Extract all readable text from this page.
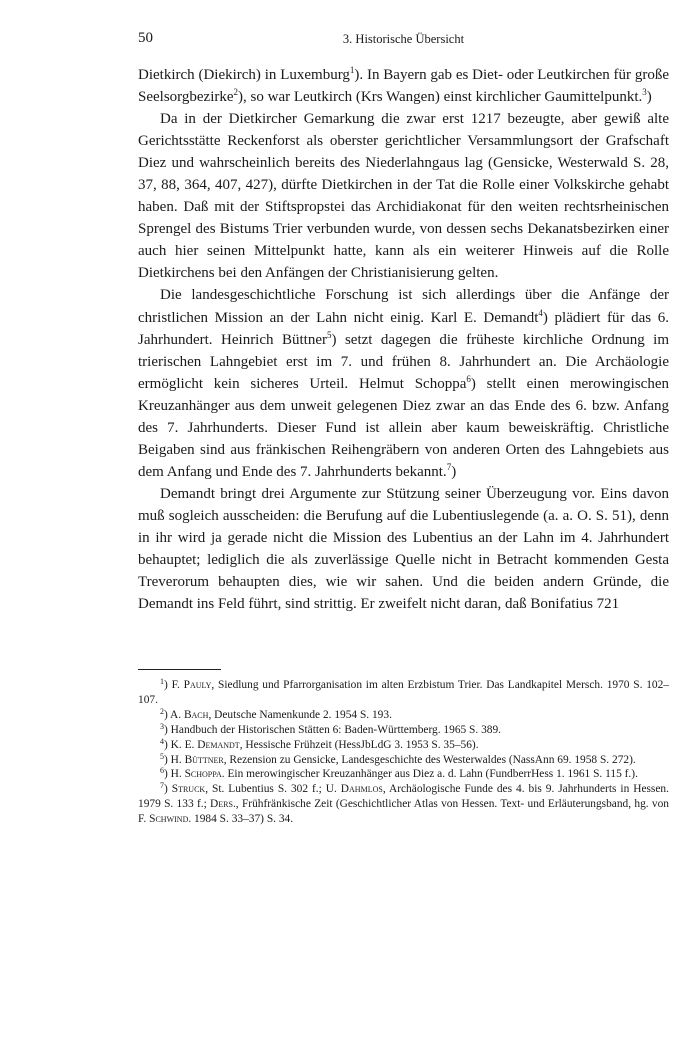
50	3. Historische Übersicht

Dietkirch (Diekirch) in Luxemburg$^1$). In Bayern gab es Diet- oder Leutkirchen für große Seelsorgbezirke$^2$), so war Leutkirch (Krs Wangen) einst kirchlicher Gaumittelpunkt.$^3$)

Da in der Dietkircher Gemarkung die zwar erst 1217 bezeugte, aber gewiß alte Gerichtsstätte Reckenforst als oberster gerichtlicher Versammlungsort der Grafschaft Diez und wahrscheinlich bereits des Niederlahngaus lag (Gensicke, Westerwald S. 28, 37, 88, 364, 407, 427), dürfte Dietkirchen in der Tat die Rolle einer Volkskirche gehabt haben. Daß mit der Stiftspropstei das Archidiakonat für den weiten rechtsrheinischen Sprengel des Bistums Trier verbunden wurde, von dessen sechs Dekanatsbezirken einer auch hier seinen Mittelpunkt hatte, kann als ein weiterer Hinweis auf die Rolle Dietkirchens bei den Anfängen der Christianisierung gelten.

Die landesgeschichtliche Forschung ist sich allerdings über die Anfänge der christlichen Mission an der Lahn nicht einig. Karl E. Demandt$^4$) plädiert für das 6. Jahrhundert. Heinrich Büttner$^5$) setzt dagegen die früheste kirchliche Ordnung im trierischen Lahngebiet erst im 7. und frühen 8. Jahrhundert an. Die Archäologie ermöglicht kein sicheres Urteil. Helmut Schoppa$^6$) stellt einen merowingischen Kreuzanhänger aus dem unweit gelegenen Diez zwar an das Ende des 6. bzw. Anfang des 7. Jahrhunderts. Dieser Fund ist allein aber kaum beweiskräftig. Christliche Beigaben sind aus fränkischen Reihengräbern von anderen Orten des Lahngebiets aus dem Anfang und Ende des 7. Jahrhunderts bekannt.$^7$)

Demandt bringt drei Argumente zur Stützung seiner Überzeugung vor. Eins davon muß sogleich ausscheiden: die Berufung auf die Lubentiuslegende (a. a. O. S. 51), denn in ihr wird ja gerade nicht die Mission des Lubentius an der Lahn im 4. Jahrhundert behauptet; lediglich die als zuverlässige Quelle nicht in Betracht kommenden Gesta Treverorum behaupten dies, wie wir sahen. Und die beiden andern Gründe, die Demandt ins Feld führt, sind strittig. Er zweifelt nicht daran, daß Bonifatius 721

$^1$) F. Pauly, Siedlung und Pfarrorganisation im alten Erzbistum Trier. Das Landkapitel Mersch. 1970 S. 102–107.

$^2$) A. Bach, Deutsche Namenkunde 2. 1954 S. 193.

$^3$) Handbuch der Historischen Stätten 6: Baden-Württemberg. 1965 S. 389.

$^4$) K. E. Demandt, Hessische Frühzeit (HessJbLdG 3. 1953 S. 35–56).

$^5$) H. Büttner, Rezension zu Gensicke, Landesgeschichte des Westerwaldes (NassAnn 69. 1958 S. 272).

$^6$) H. Schoppa. Ein merowingischer Kreuzanhänger aus Diez a. d. Lahn (FundberrHess 1. 1961 S. 115 f.).

$^7$) Struck, St. Lubentius S. 302 f.; U. Dahmlos, Archäologische Funde des 4. bis 9. Jahrhunderts in Hessen. 1979 S. 133 f.; Ders., Frühfränkische Zeit (Geschichtlicher Atlas von Hessen. Text- und Erläuterungsband, hg. von F. Schwind. 1984 S. 33–37) S. 34.
